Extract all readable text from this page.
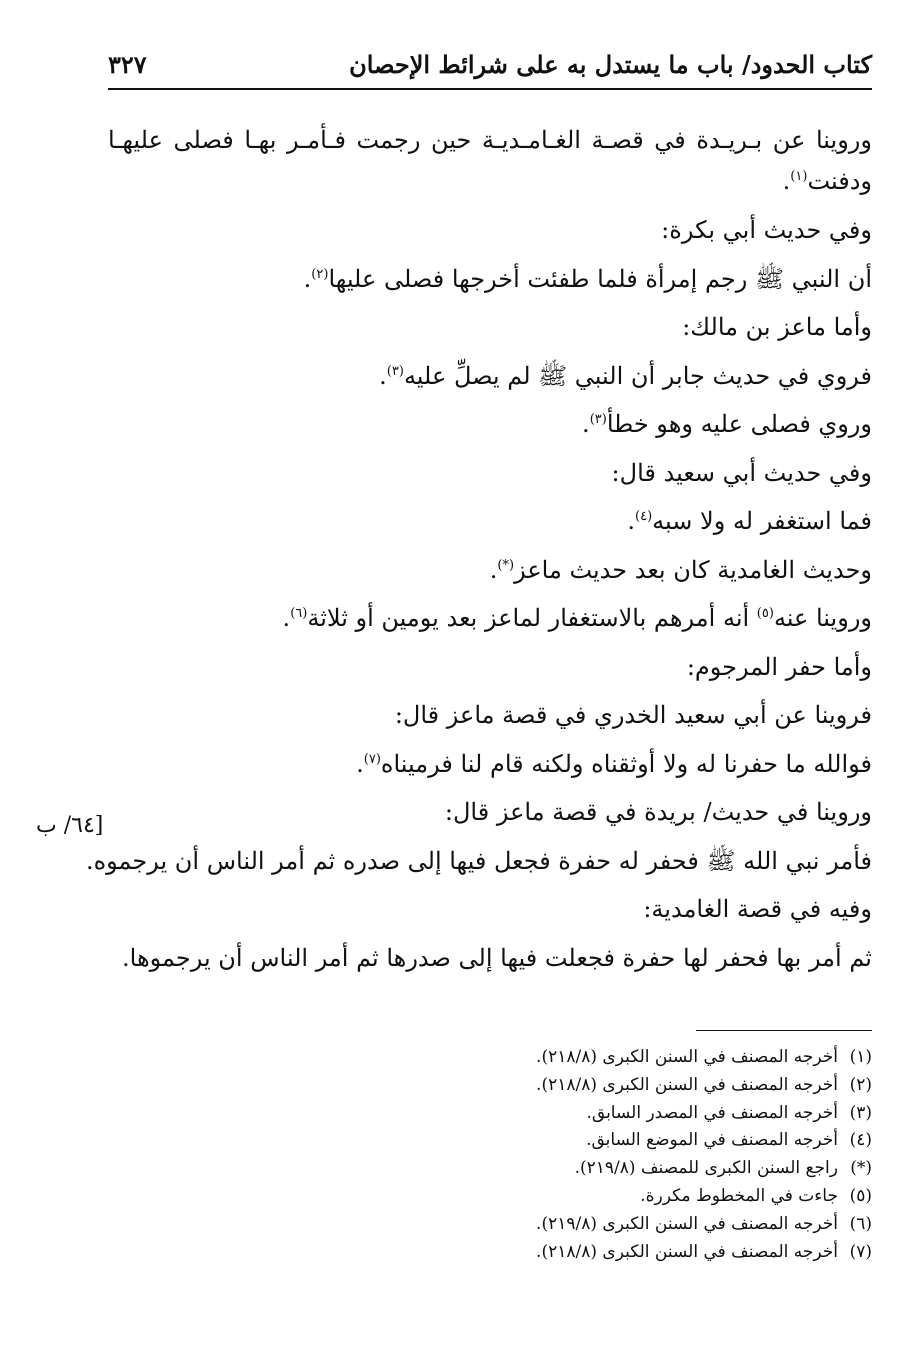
كتاب الحدود/ باب ما يستدل به على شرائط الإحصان
٣٢٧
وروينا عن بـريـدة في قصـة الغـامـديـة حين رجمت فـأمـر بهـا فصلى عليهـا
ودفنت$^{(١)}$.
وفي حديث أبي بكرة:
أن النبي ﷺ رجم إمرأة فلما طفئت أخرجها فصلى عليها$^{(٢)}$.
وأما ماعز بن مالك:
فروي في حديث جابر أن النبي ﷺ لم يصلِّ عليه$^{(٣)}$.
وروي فصلى عليه وهو خطأ$^{(٣)}$.
وفي حديث أبي سعيد قال:
فما استغفر له ولا سبه$^{(٤)}$.
وحديث الغامدية كان بعد حديث ماعز(*).
وروينا عنه$^{(٥)}$ أنه أمرهم بالاستغفار لماعز بعد يومين أو ثلاثة$^{(٦)}$.
وأما حفر المرجوم:
فروينا عن أبي سعيد الخدري في قصة ماعز قال:
فوالله ما حفرنا له ولا أوثقناه ولكنه قام لنا فرميناه$^{(٧)}$.
وروينا في حديث/ بريدة في قصة ماعز قال:
فأمر نبي الله ﷺ فحفر له حفرة فجعل فيها إلى صدره ثم أمر الناس أن يرجموه.
وفيه في قصة الغامدية:
ثم أمر بها فحفر لها حفرة فجعلت فيها إلى صدرها ثم أمر الناس أن يرجموها.
[٦٤/ ب
(١)أخرجه المصنف في السنن الكبرى (٢١٨/٨).
(٢)أخرجه المصنف في السنن الكبرى (٢١٨/٨).
(٣)أخرجه المصنف في المصدر السابق.
(٤)أخرجه المصنف في الموضع السابق.
(*)راجع السنن الكبرى للمصنف (٢١٩/٨).
(٥)جاءت في المخطوط مكررة.
(٦)أخرجه المصنف في السنن الكبرى (٢١٩/٨).
(٧)أخرجه المصنف في السنن الكبرى (٢١٨/٨).
